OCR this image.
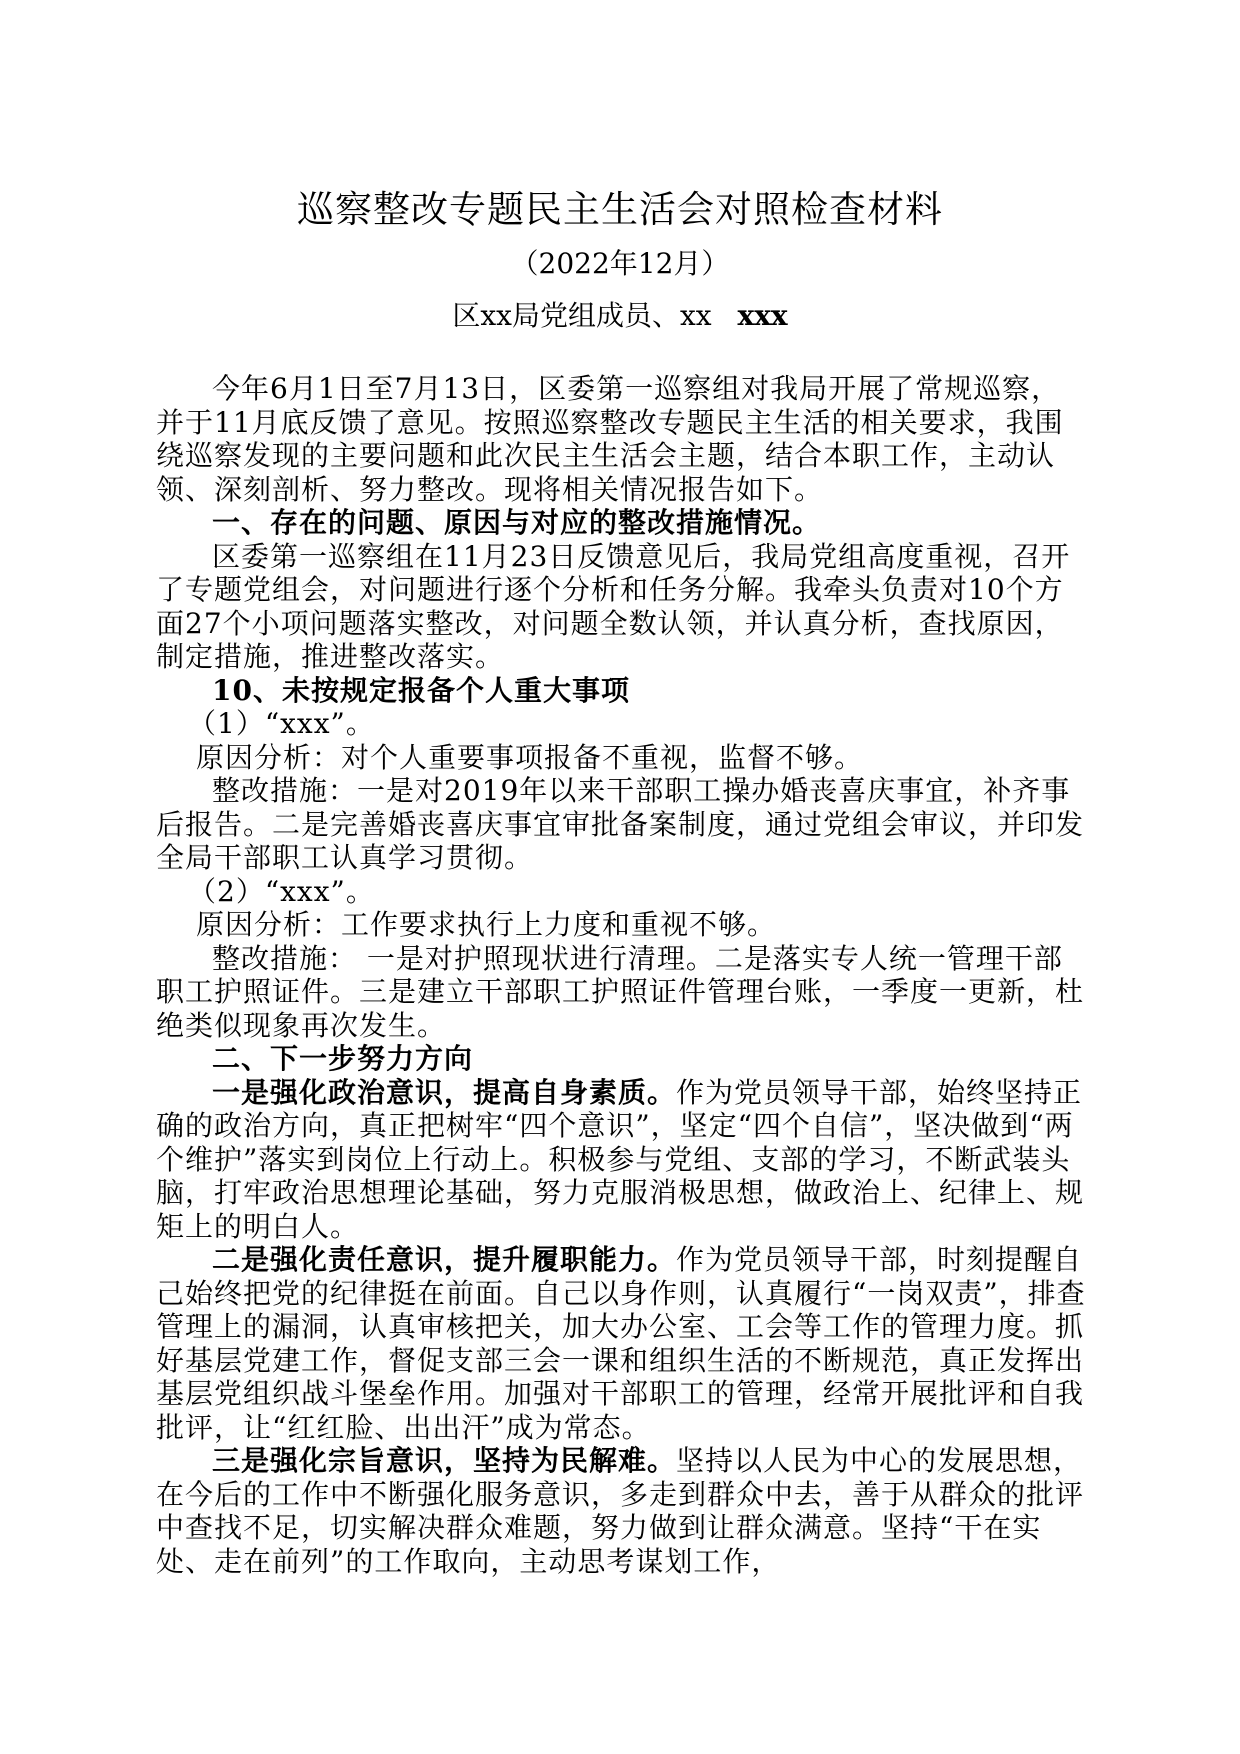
巡察整改专题民主生活会对照检查材料
（2022年12月）
区xx局党组成员、xx xxx

今年6月1日至7月13日，区委第一巡察组对我局开展了常规巡察，并于11月底反馈了意见。按照巡察整改专题民主生活的相关要求，我围绕巡察发现的主要问题和此次民主生活会主题，结合本职工作，主动认领、深刻剖析、努力整改。现将相关情况报告如下。

一、存在的问题、原因与对应的整改措施情况。

区委第一巡察组在11月23日反馈意见后，我局党组高度重视，召开了专题党组会，对问题进行逐个分析和任务分解。我牵头负责对10个方面27个小项问题落实整改，对问题全数认领，并认真分析，查找原因，制定措施，推进整改落实。

10、未按规定报备个人重大事项

（1）“xxx”。

原因分析：对个人重要事项报备不重视，监督不够。

整改措施：一是对2019年以来干部职工操办婚丧喜庆事宜，补齐事后报告。二是完善婚丧喜庆事宜审批备案制度，通过党组会审议，并印发全局干部职工认真学习贯彻。

（2）“xxx”。

原因分析：工作要求执行上力度和重视不够。

整改措施： 一是对护照现状进行清理。二是落实专人统一管理干部职工护照证件。三是建立干部职工护照证件管理台账，一季度一更新，杜绝类似现象再次发生。

二、下一步努力方向

一是强化政治意识，提高自身素质。作为党员领导干部，始终坚持正确的政治方向，真正把树牢“四个意识”，坚定“四个自信”，坚决做到“两个维护”落实到岗位上行动上。积极参与党组、支部的学习，不断武装头脑，打牢政治思想理论基础，努力克服消极思想，做政治上、纪律上、规矩上的明白人。

二是强化责任意识，提升履职能力。作为党员领导干部，时刻提醒自己始终把党的纪律挺在前面。自己以身作则，认真履行“一岗双责”，排查管理上的漏洞，认真审核把关，加大办公室、工会等工作的管理力度。抓好基层党建工作，督促支部三会一课和组织生活的不断规范，真正发挥出基层党组织战斗堡垒作用。加强对干部职工的管理，经常开展批评和自我批评，让“红红脸、出出汗”成为常态。

三是强化宗旨意识，坚持为民解难。坚持以人民为中心的发展思想，在今后的工作中不断强化服务意识，多走到群众中去，善于从群众的批评中查找不足，切实解决群众难题，努力做到让群众满意。坚持“干在实处、走在前列”的工作取向，主动思考谋划工作，
